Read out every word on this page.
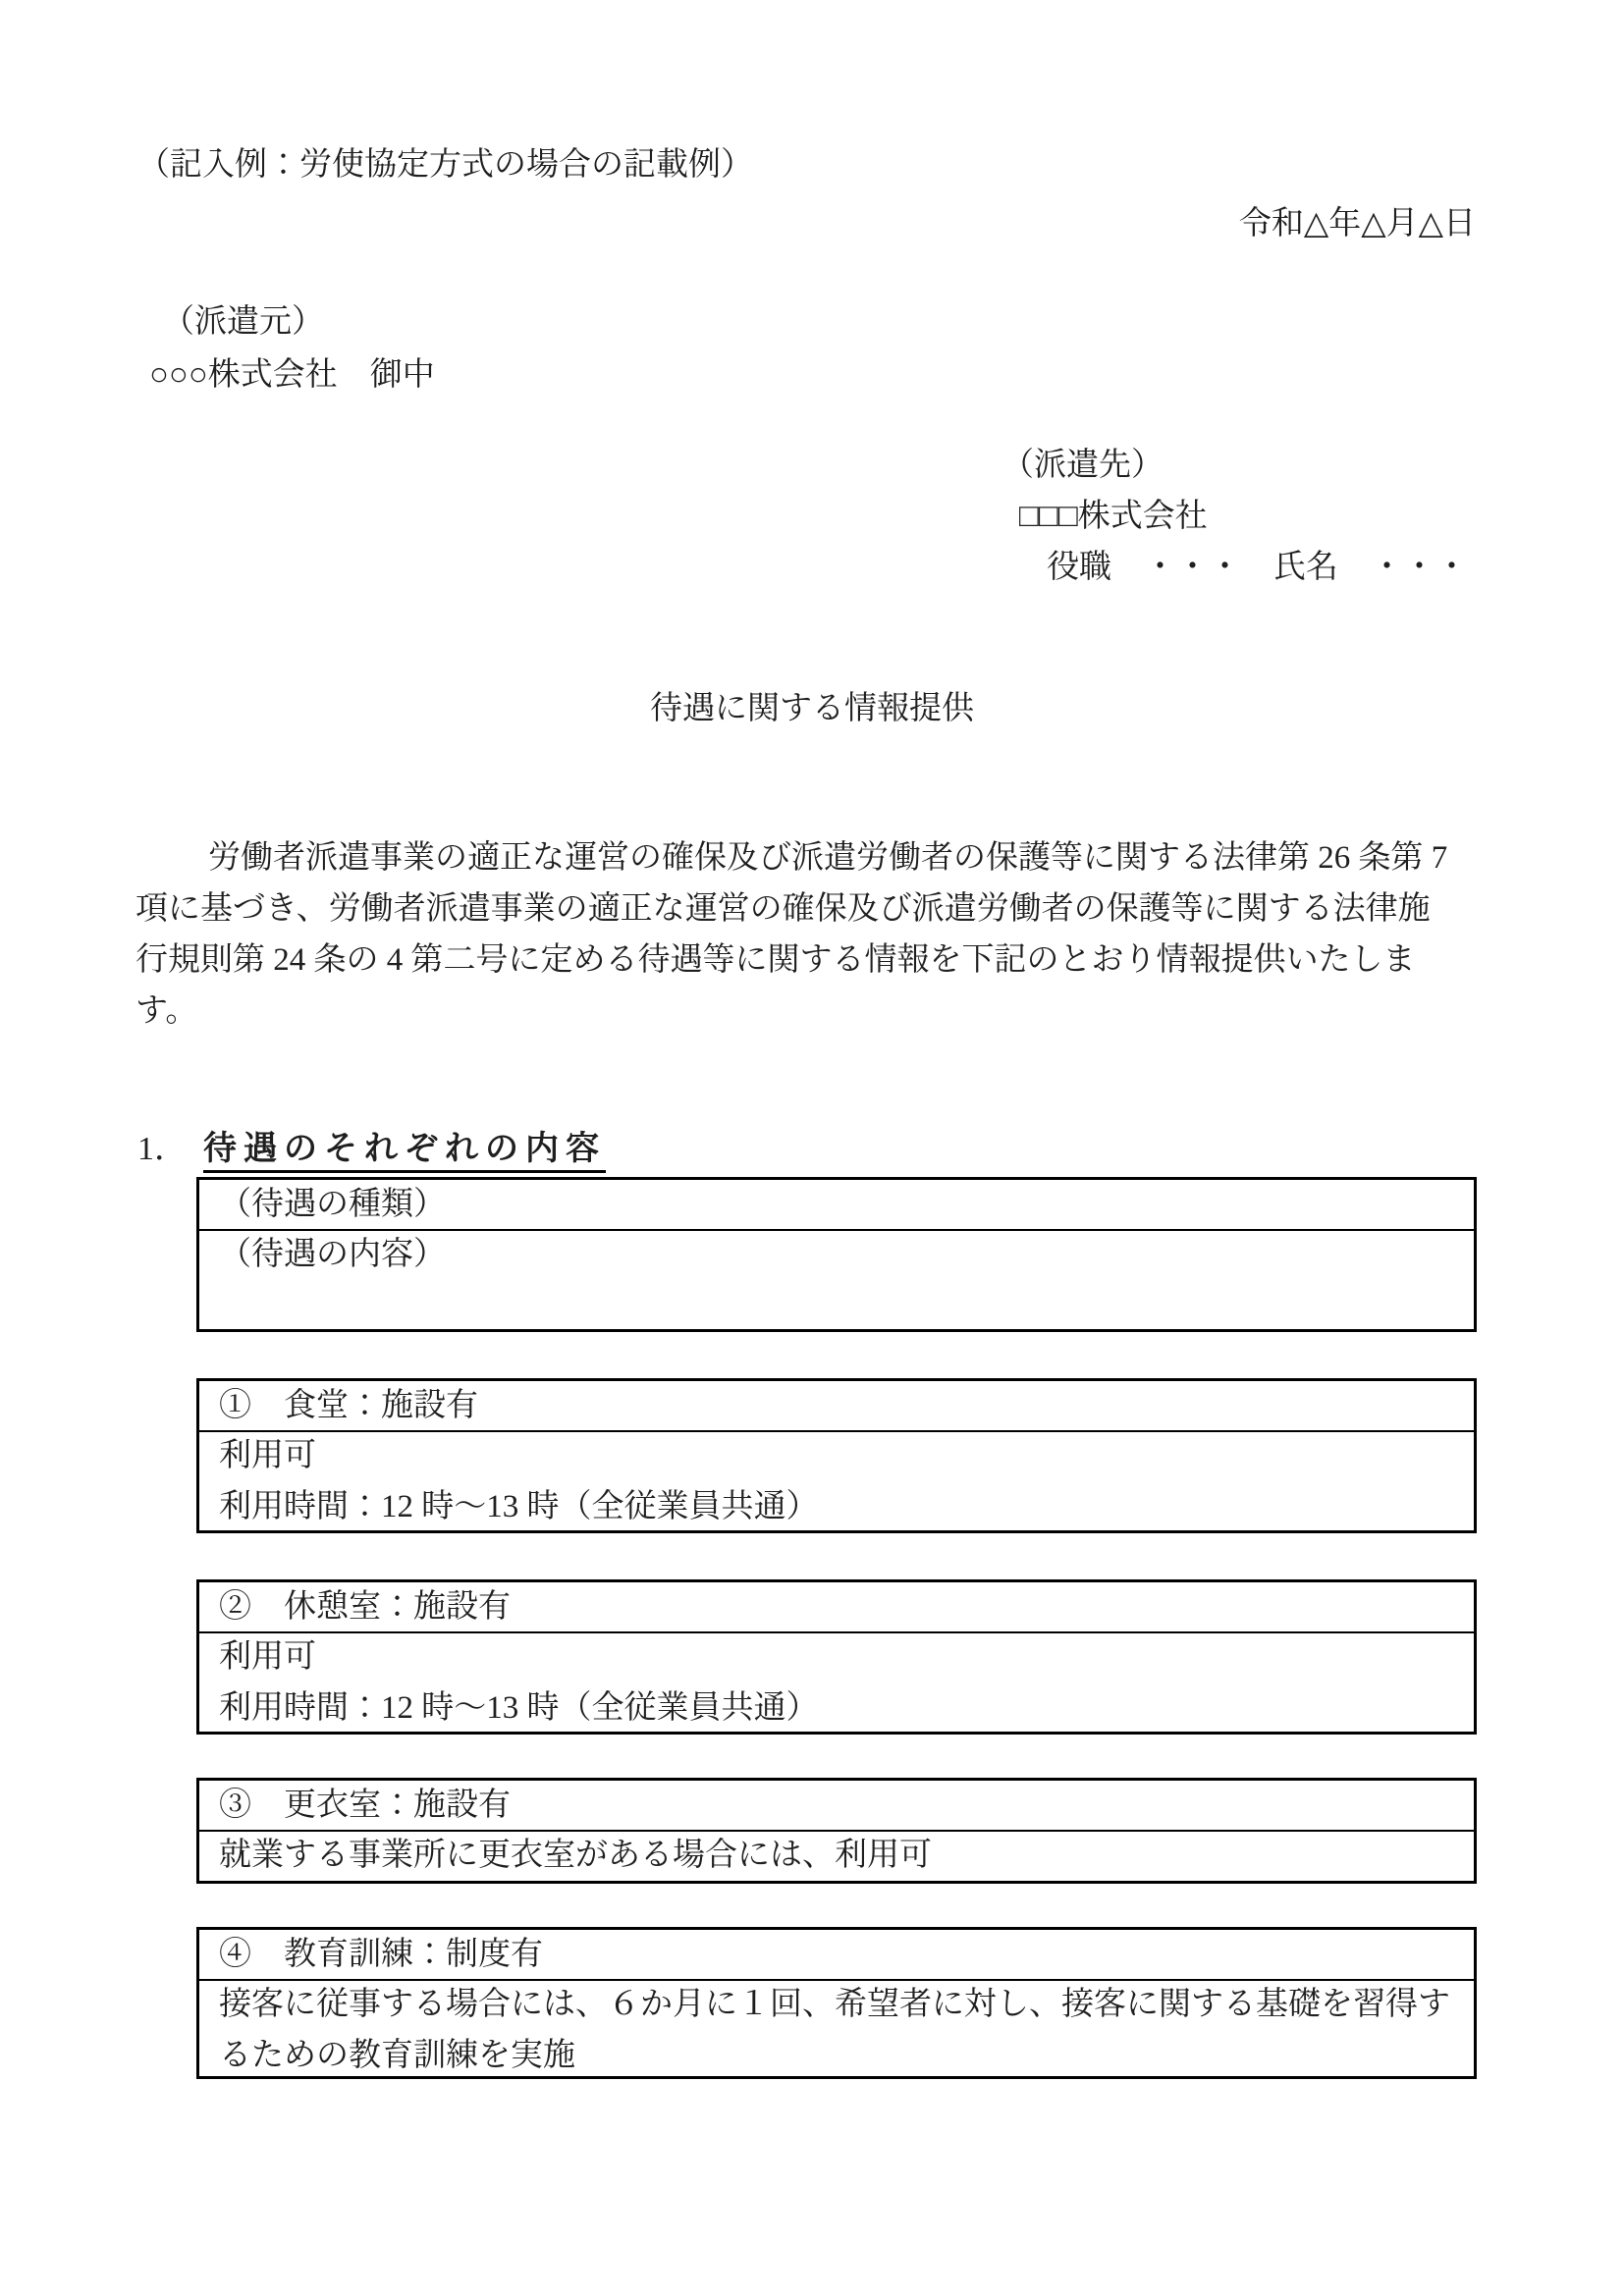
（記入例：労使協定方式の場合の記載例）
令和△年△月△日
（派遣元）
○○○株式会社　御中
（派遣先）
□□□株式会社
役職　・・・　氏名　・・・
待遇に関する情報提供
労働者派遣事業の適正な運営の確保及び派遣労働者の保護等に関する法律第 26 条第 7
項に基づき、労働者派遣事業の適正な運営の確保及び派遣労働者の保護等に関する法律施
行規則第 24 条の 4 第二号に定める待遇等に関する情報を下記のとおり情報提供いたしま
す。
1． 待遇のそれぞれの内容
（待遇の種類）
（待遇の内容）
①　食堂：施設有
利用可
利用時間：12 時～13 時（全従業員共通）
②　休憩室：施設有
利用可
利用時間：12 時～13 時（全従業員共通）
③　更衣室：施設有
就業する事業所に更衣室がある場合には、利用可
④　教育訓練：制度有
接客に従事する場合には、６か月に１回、希望者に対し、接客に関する基礎を習得す
るための教育訓練を実施
